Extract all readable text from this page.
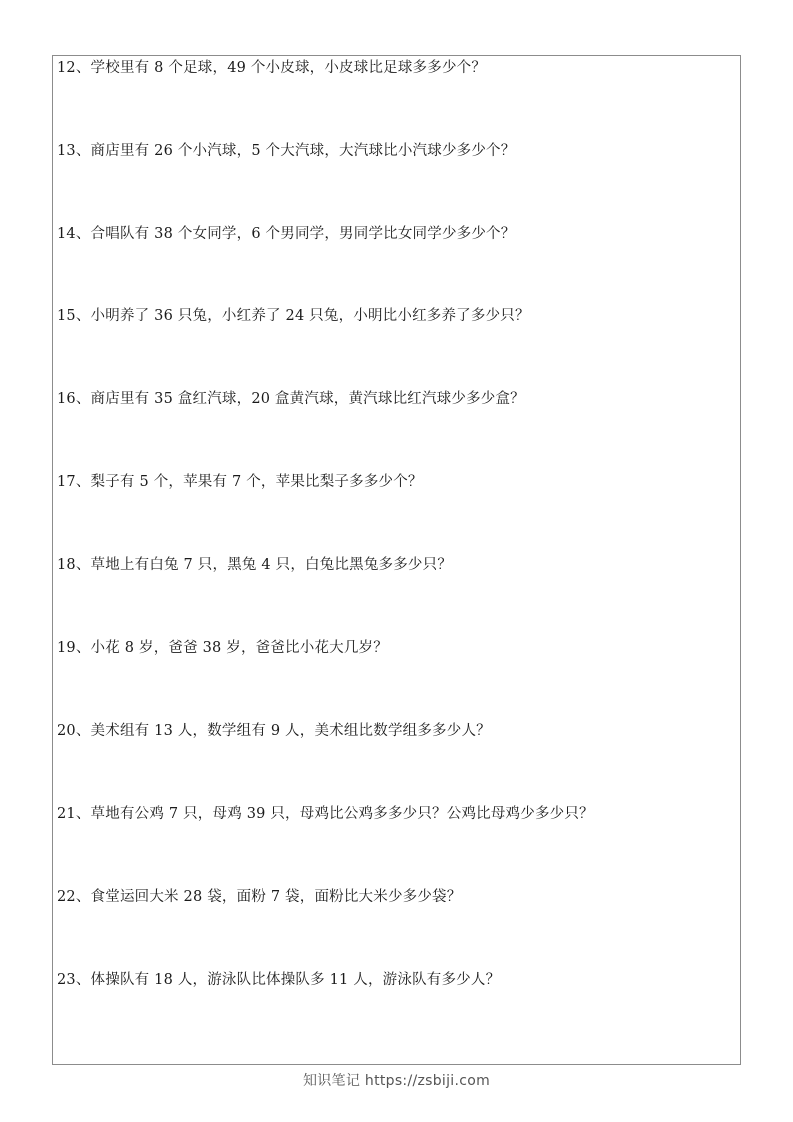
12、学校里有 8 个足球，49 个小皮球，小皮球比足球多多少个？
13、商店里有 26 个小汽球，5 个大汽球，大汽球比小汽球少多少个？
14、合唱队有 38 个女同学，6 个男同学，男同学比女同学少多少个？
15、小明养了 36 只兔，小红养了 24 只兔，小明比小红多养了多少只？
16、商店里有 35 盒红汽球，20 盒黄汽球，黄汽球比红汽球少多少盒？
17、梨子有 5 个，苹果有 7 个，苹果比梨子多多少个？
18、草地上有白兔 7 只，黑兔 4 只，白兔比黑兔多多少只？
19、小花 8 岁，爸爸 38 岁，爸爸比小花大几岁？
20、美术组有 13 人，数学组有 9 人，美术组比数学组多多少人？
21、草地有公鸡 7 只，母鸡 39 只，母鸡比公鸡多多少只？公鸡比母鸡少多少只？
22、食堂运回大米 28 袋，面粉 7 袋，面粉比大米少多少袋？
23、体操队有 18 人，游泳队比体操队多 11 人，游泳队有多少人？
知识笔记 https://zsbiji.com
